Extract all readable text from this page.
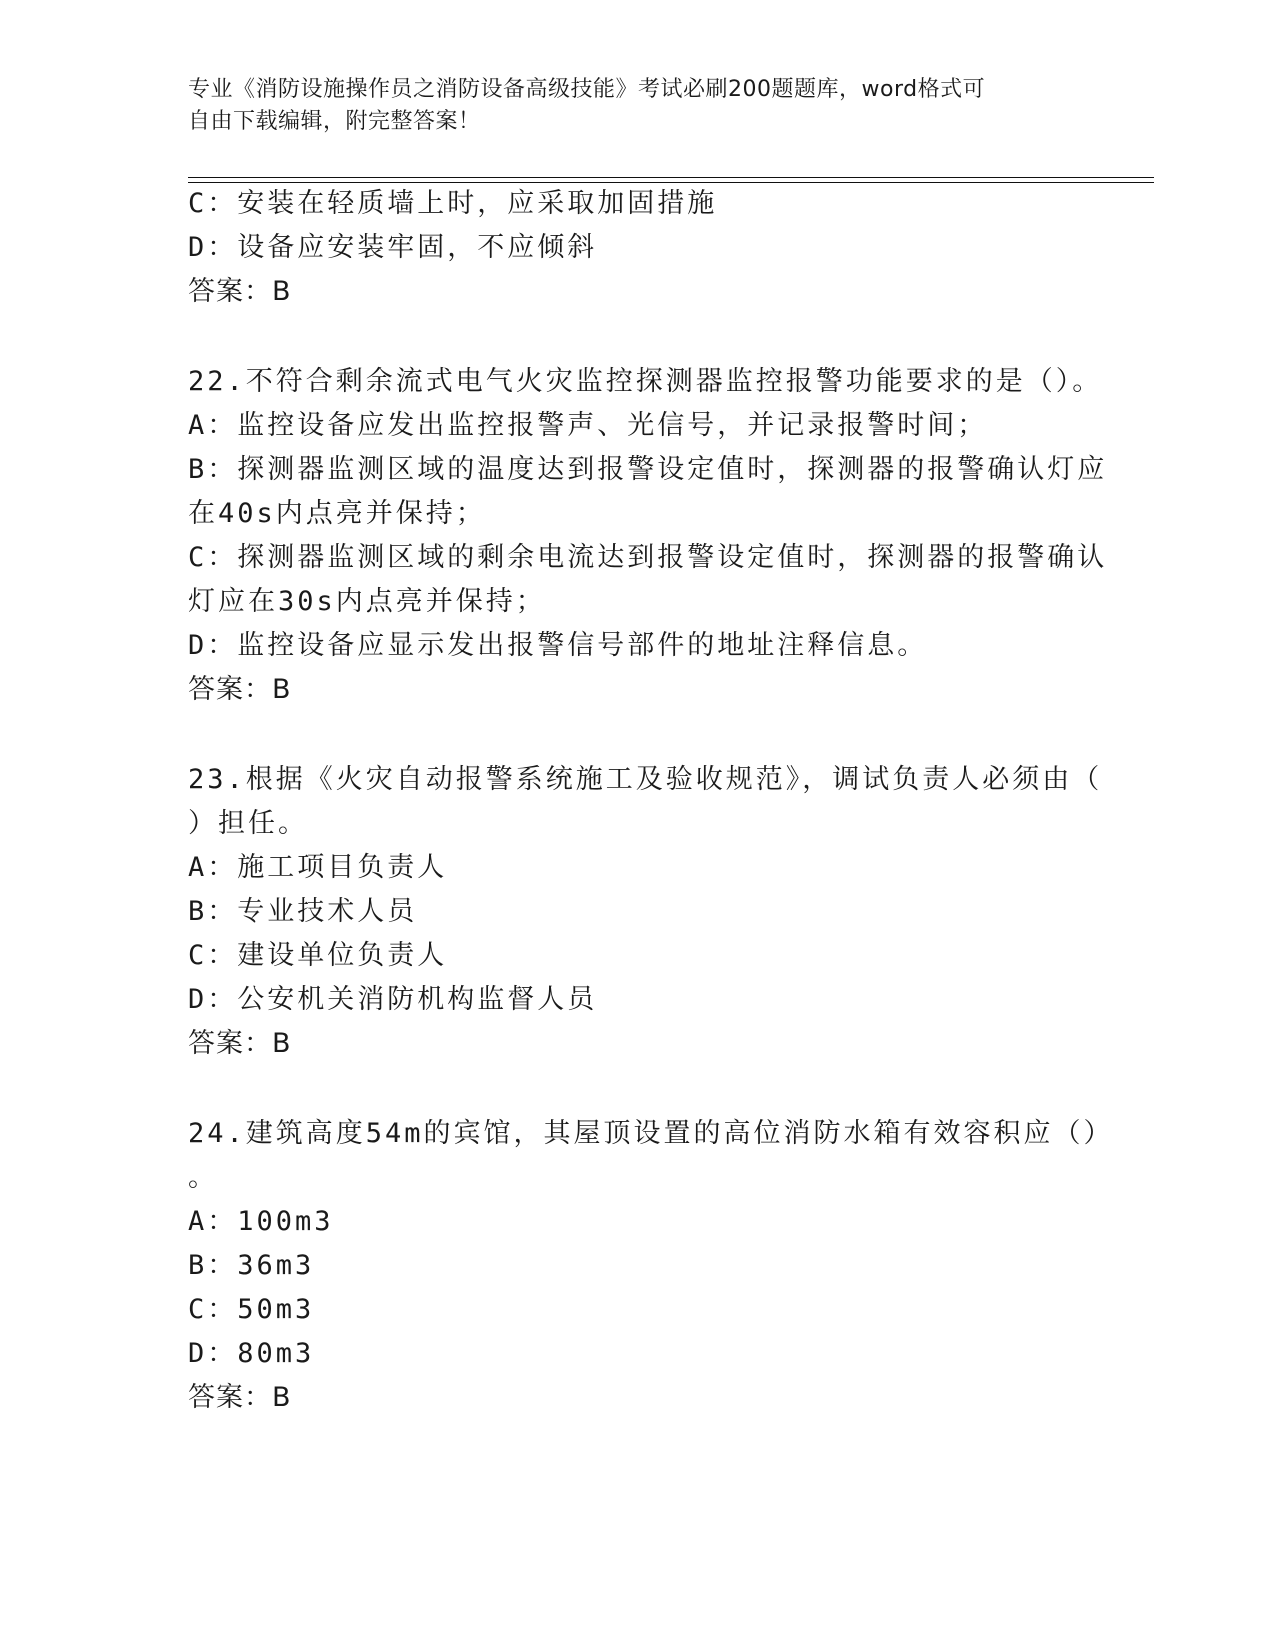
专业《消防设施操作员之消防设备高级技能》考试必刷200题题库，word格式可
自由下载编辑，附完整答案！
C：安装在轻质墙上时，应采取加固措施
D：设备应安装牢固，不应倾斜
答案：B
22.不符合剩余流式电气火灾监控探测器监控报警功能要求的是（）。
A：监控设备应发出监控报警声、光信号，并记录报警时间；
B：探测器监测区域的温度达到报警设定值时，探测器的报警确认灯应
在40s内点亮并保持；
C：探测器监测区域的剩余电流达到报警设定值时，探测器的报警确认
灯应在30s内点亮并保持；
D：监控设备应显示发出报警信号部件的地址注释信息。
答案：B
23.根据《火灾自动报警系统施工及验收规范》，调试负责人必须由（
）担任。
A：施工项目负责人
B：专业技术人员
C：建设单位负责人
D：公安机关消防机构监督人员
答案：B
24.建筑高度54m的宾馆，其屋顶设置的高位消防水箱有效容积应（）
。
A：100m3
B：36m3
C：50m3
D：80m3
答案：B
